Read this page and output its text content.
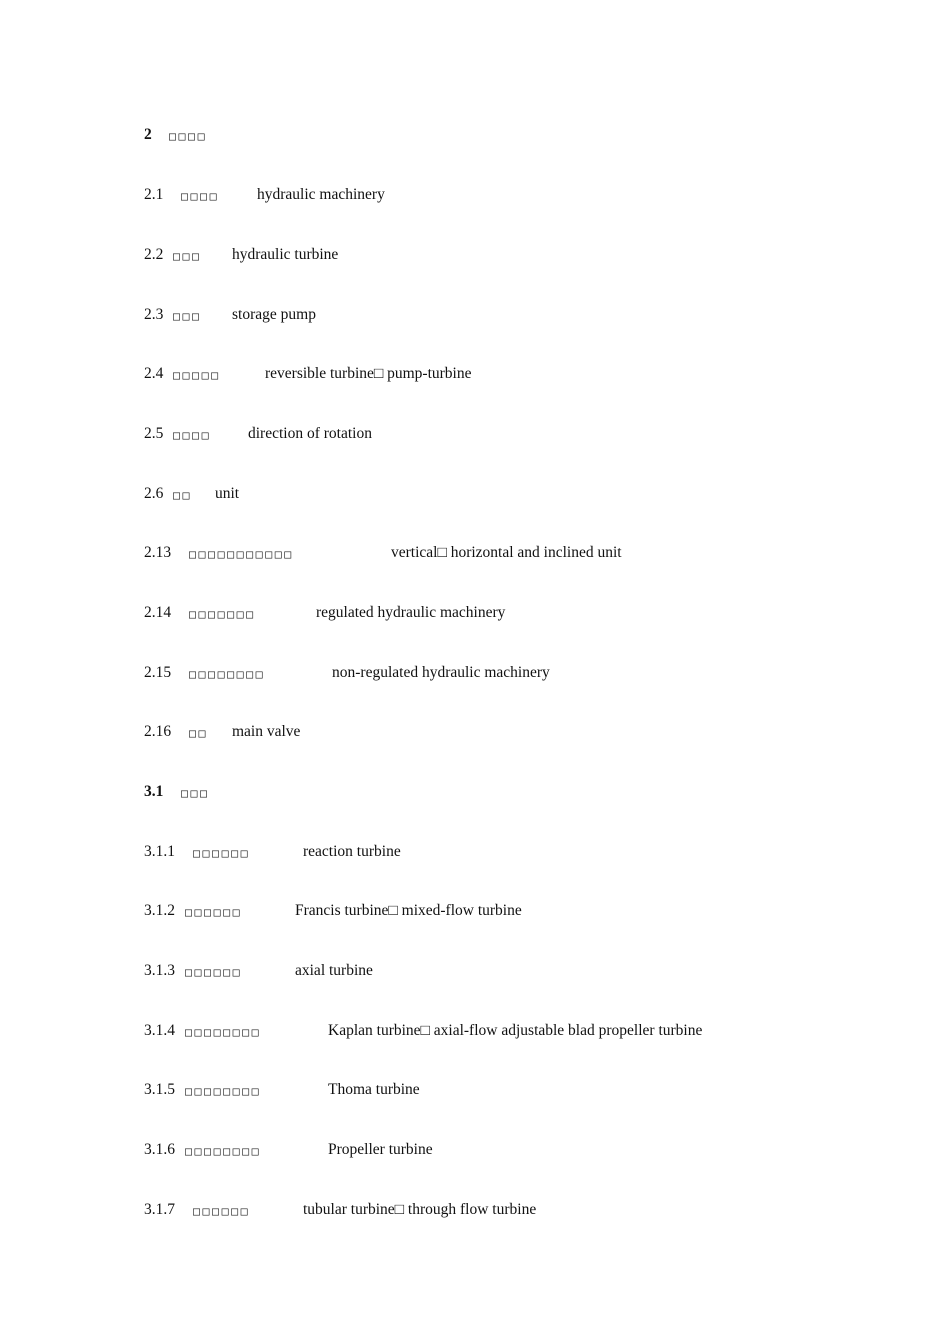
2 □□□□
2.1 □□□□ hydraulic machinery
2.2 □□□ hydraulic turbine
2.3 □□□ storage pump
2.4 □□□□□	reversible turbine□ pump-turbine
2.5 □□□□ direction of rotation
2.6 □□ unit
2.13 □□□□□□□□□□□	vertical□ horizontal and inclined unit
2.14 □□□□□□□	regulated hydraulic machinery
2.15 □□□□□□□□	non-regulated hydraulic machinery
2.16 □□ main valve
3.1 □□□
3.1.1 □□□□□□	reaction turbine
3.1.2 □□□□□□	Francis turbine□ mixed-flow turbine
3.1.3 □□□□□□	axial turbine
3.1.4 □□□□□□□□	Kaplan turbine□ axial-flow adjustable blad propeller turbine
3.1.5 □□□□□□□□	Thoma turbine
3.1.6 □□□□□□□□	Propeller turbine
3.1.7 □□□□□□	tubular turbine□ through flow turbine
